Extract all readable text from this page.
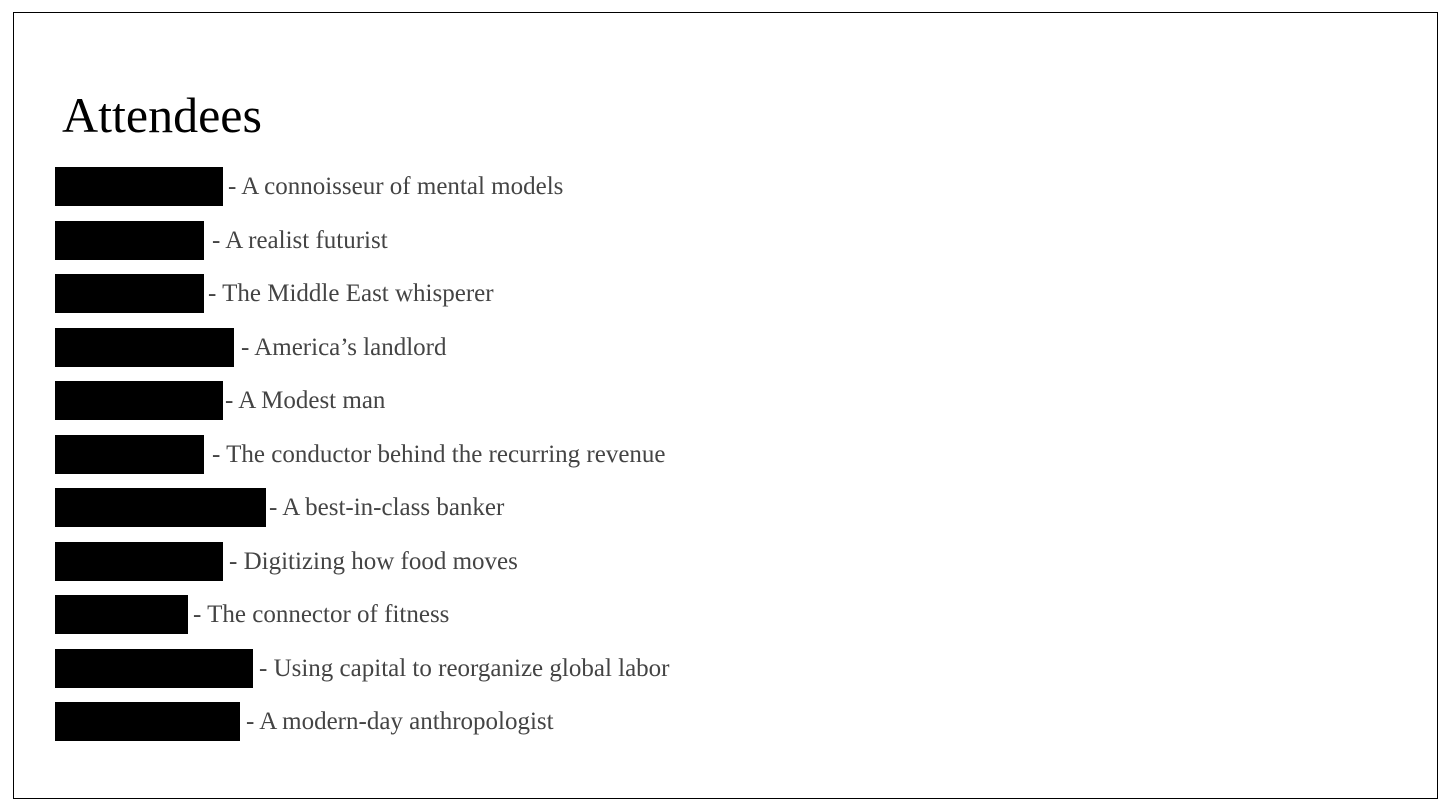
Attendees
- A connoisseur of mental models
- A realist futurist
- The Middle East whisperer
- America’s landlord
- A Modest man
- The conductor behind the recurring revenue
- A best-in-class banker
- Digitizing how food moves
- The connector of fitness
- Using capital to reorganize global labor
- A modern-day anthropologist
